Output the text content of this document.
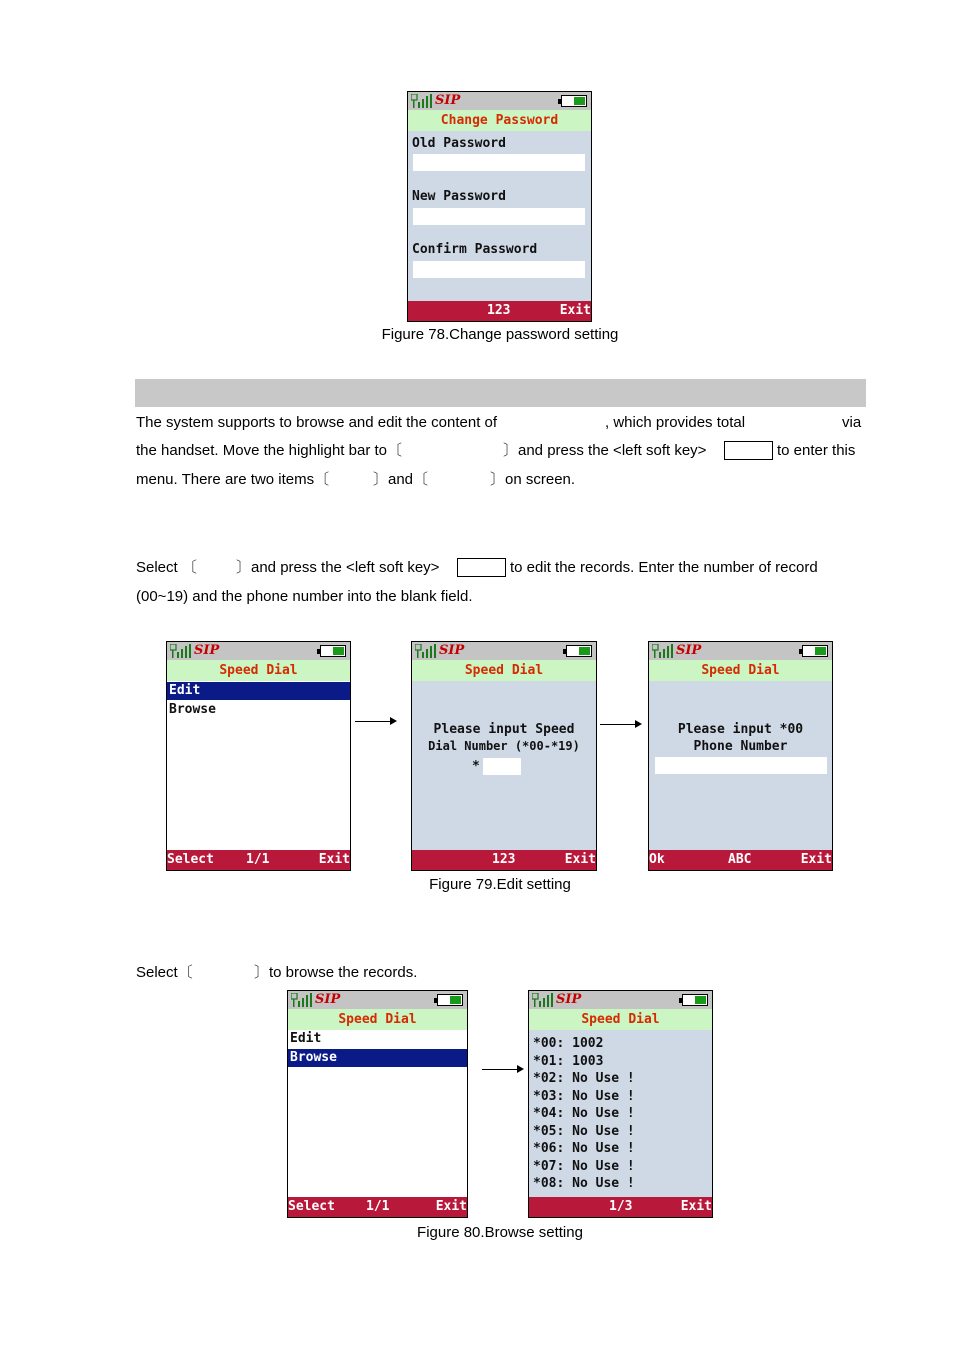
SIP
Change Password
Old Password
New Password
Confirm Password
123	Exit
Figure 78.Change password setting
The system supports to browse and edit the content of	, which provides total	via
the handset. Move the highlight bar to〔	〕and press the <left soft key>	to enter this
menu. There are two items〔	〕and〔	〕on screen.
Select 〔	〕and press the <left soft key>	to edit the records. Enter the number of record
(00~19) and the phone number into the blank field.
SIP
Speed Dial
Edit
Browse
Select 1/1	Exit
SIP
Speed Dial
Please input Speed
Dial Number (*00-*19)
*
123	Exit
SIP
Speed Dial
Please input *00
Phone Number
Ok	ABC	Exit
Figure 79.Edit setting
Select〔	〕to browse the records.
SIP
Speed Dial
Edit
Browse
Select 1/1	Exit
SIP
Speed Dial
*00: 1002
*01: 1003
*02: No Use !
*03: No Use !
*04: No Use !
*05: No Use !
*06: No Use !
*07: No Use !
*08: No Use !
1/3	Exit
Figure 80.Browse setting
